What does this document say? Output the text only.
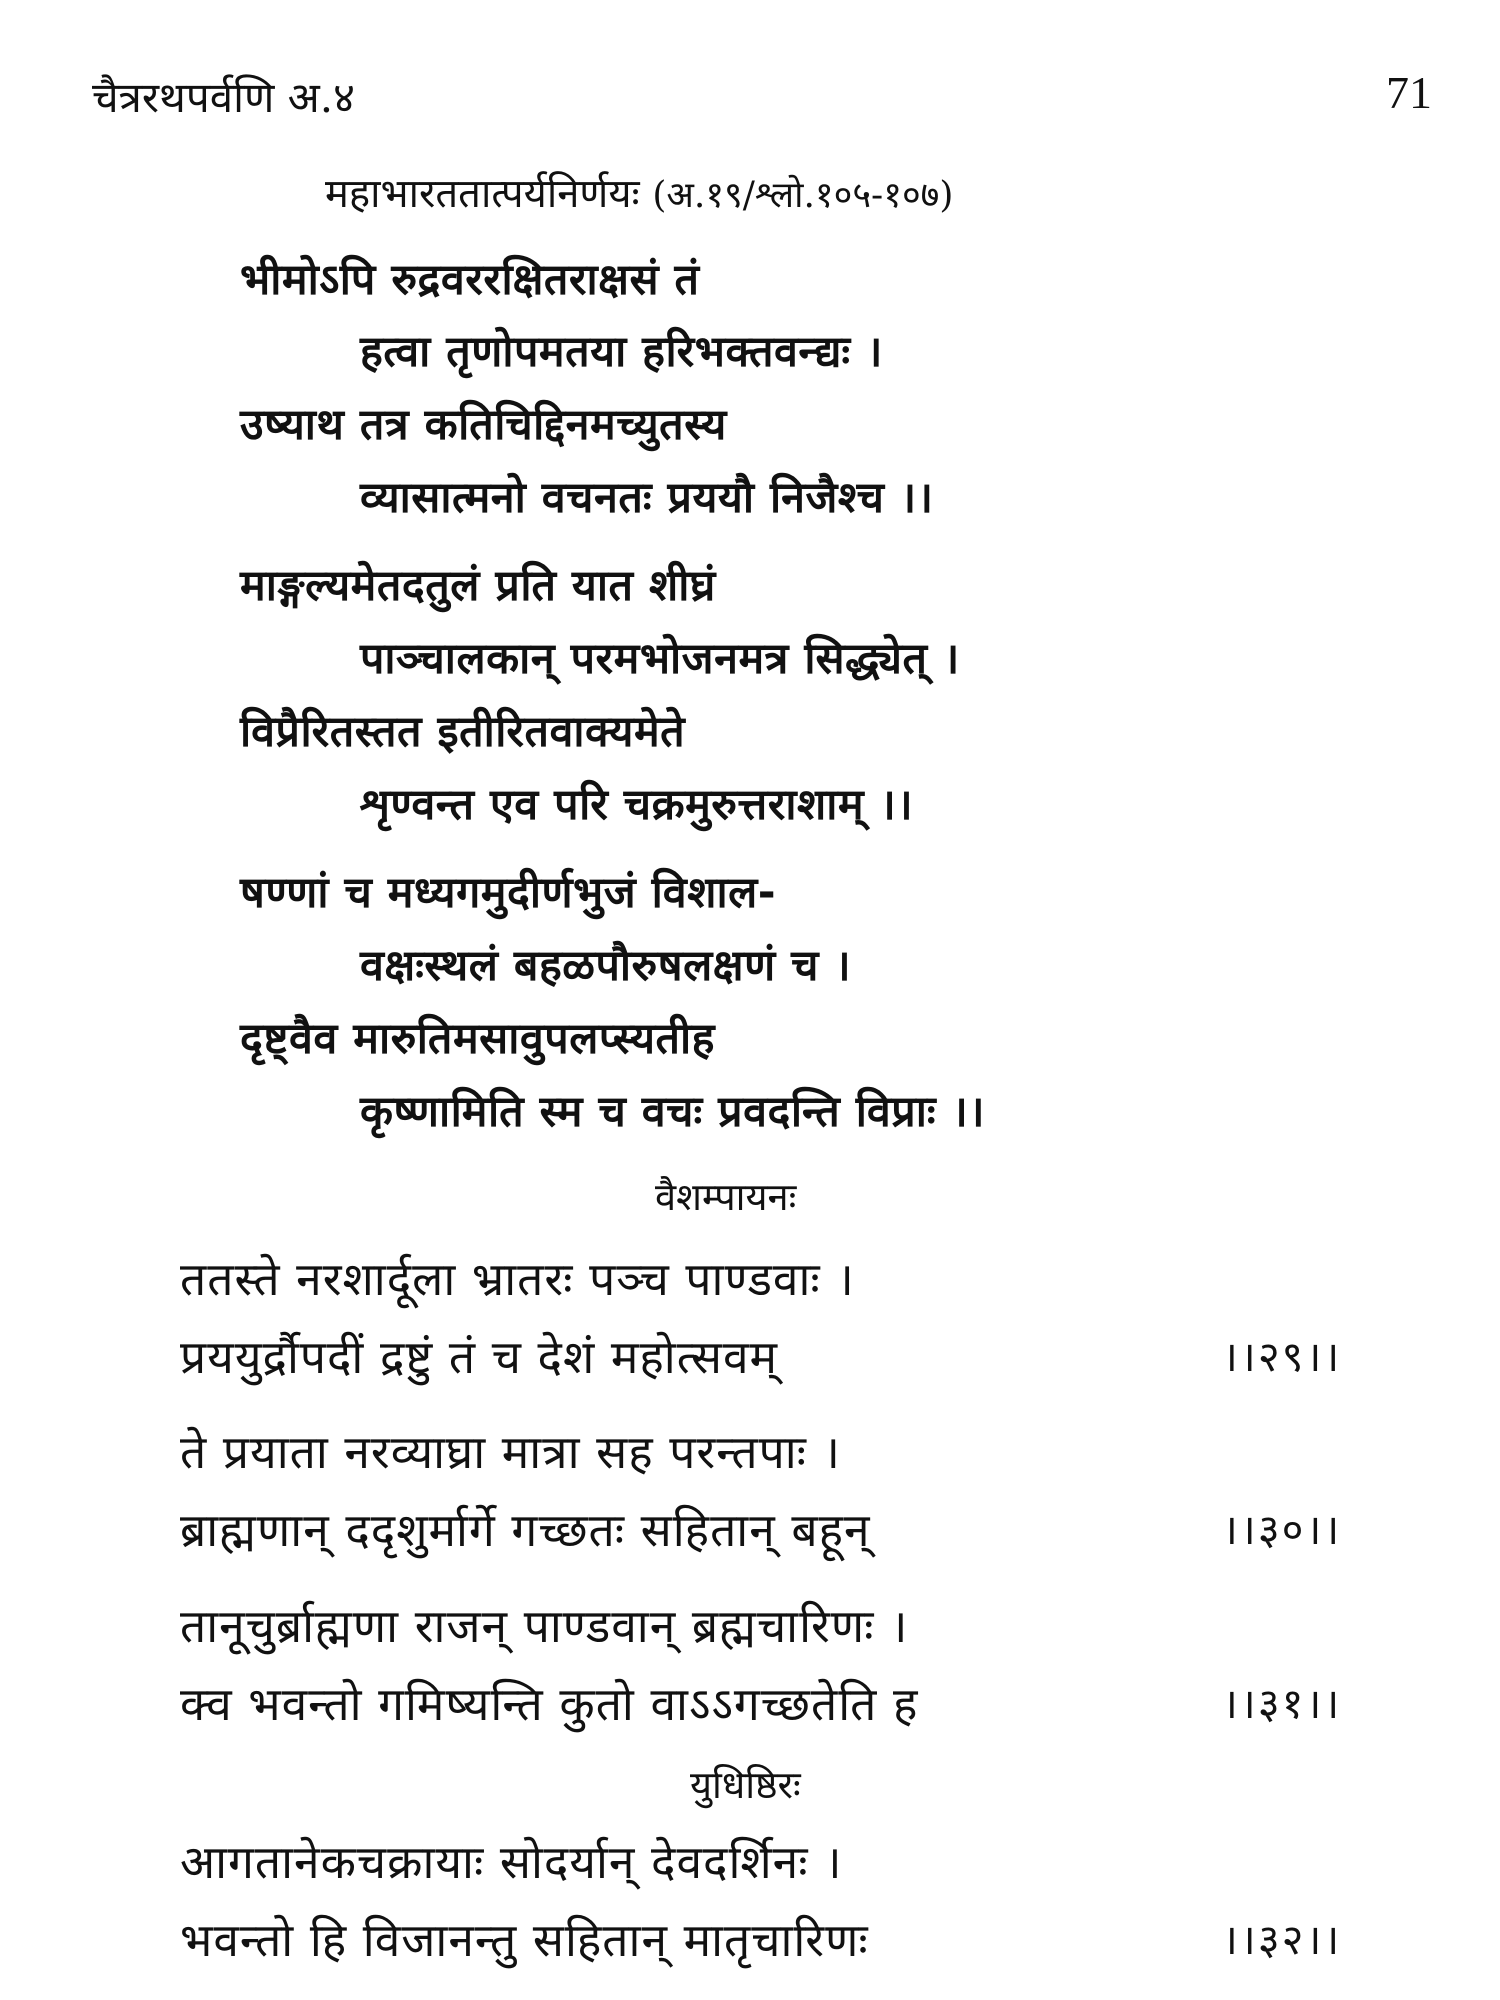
चैत्ररथपर्वणि अ.४	71
महाभारततात्पर्यनिर्णयः (अ.१९/श्लो.१०५-१०७)
भीमोऽपि रुद्रवररक्षितराक्षसं तं
हत्वा तृणोपमतया हरिभक्तवन्द्यः ।
उष्याथ तत्र कतिचिद्दिनमच्युतस्य
व्यासात्मनो वचनतः प्रययौ निजैश्च ।।
माङ्गल्यमेतदतुलं प्रति यात शीघ्रं
पाञ्चालकान् परमभोजनमत्र सिद्ध्येत् ।
विप्रैरितस्तत इतीरितवाक्यमेते
शृण्वन्त एव परि चक्रमुरुत्तराशाम् ।।
षण्णां च मध्यगमुदीर्णभुजं विशाल-
वक्षःस्थलं बहळपौरुषलक्षणं च ।
दृष्ट्वैव मारुतिमसावुपलप्स्यतीह
कृष्णामिति स्म च वचः प्रवदन्ति विप्राः ।।
वैशम्पायनः
ततस्ते नरशार्दूला भ्रातरः पञ्च पाण्डवाः ।
प्रययुर्द्रौपदीं द्रष्टुं तं च देशं महोत्सवम्	।।२९।।
ते प्रयाता नरव्याघ्रा मात्रा सह परन्तपाः ।
ब्राह्मणान् ददृशुर्मार्गे गच्छतः सहितान् बहून्	।।३०।।
तानूचुर्ब्राह्मणा राजन् पाण्डवान् ब्रह्मचारिणः ।
क्व भवन्तो गमिष्यन्ति कुतो वाऽऽगच्छतेति ह	।।३१।।
युधिष्ठिरः
आगतानेकचक्रायाः सोदर्यान् देवदर्शिनः ।
भवन्तो हि विजानन्तु सहितान् मातृचारिणः	।।३२।।
